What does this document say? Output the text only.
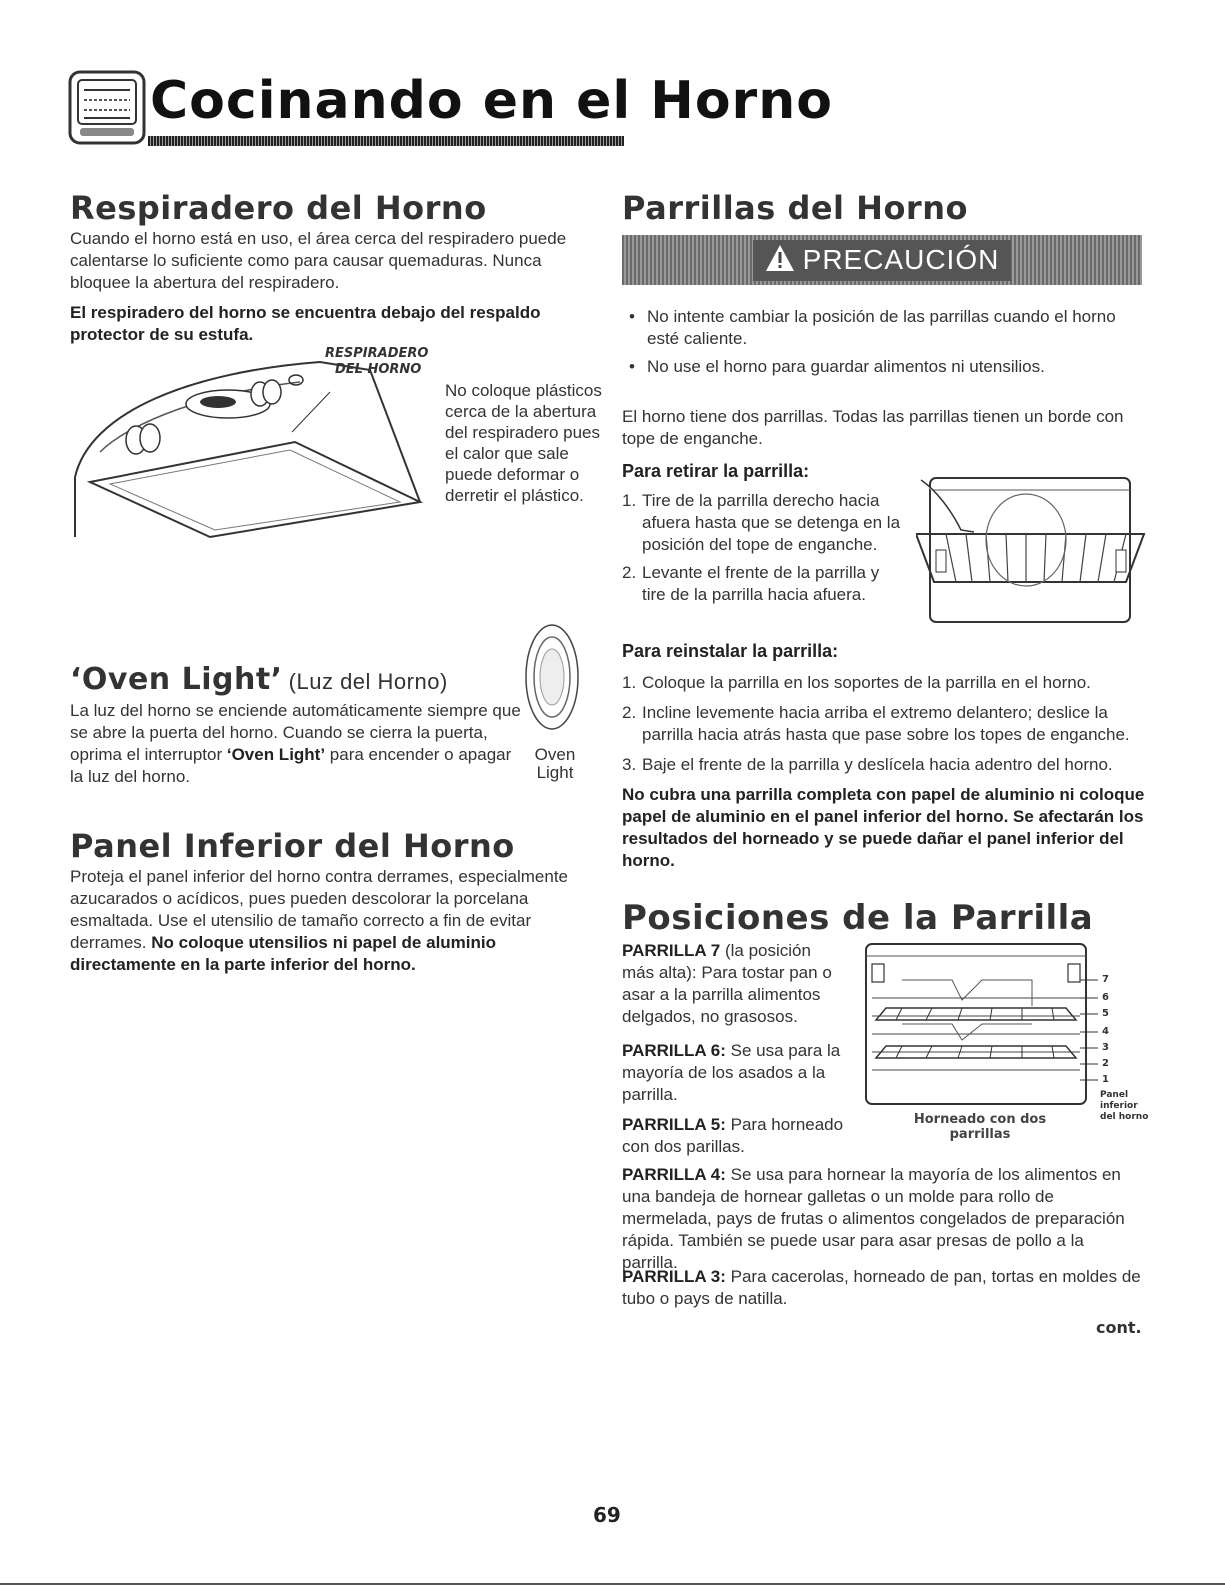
Cocinando en el Horno
Respiradero del Horno
Cuando el horno está en uso, el área cerca del respiradero puede calentarse lo suficiente como para causar quemaduras. Nunca bloquee la abertura del respiradero.
El respiradero del horno se encuentra debajo del respaldo protector de su estufa.
RESPIRADERO
DEL HORNO
No coloque plásticos cerca de la abertura del respiradero pues el calor que sale puede deformar o derretir el plástico.
‘Oven Light’ (Luz del Horno)
La luz del horno se enciende automáticamente siempre que se abre la puerta del horno. Cuando se cierra la puerta, oprima el interruptor ‘Oven Light’ para encender o apagar la luz del horno.
Oven
Light
Panel Inferior del Horno
Proteja el panel inferior del horno contra derrames, especialmente azucarados o acídicos, pues pueden descolorar la porcelana esmaltada. Use el utensilio de tamaño correcto a fin de evitar derrames. No coloque utensilios ni papel de aluminio directamente en la parte inferior del horno.
Parrillas del Horno
PRECAUCIÓN
• No intente cambiar la posición de las parrillas cuando el horno esté caliente.
• No use el horno para guardar alimentos ni utensilios.
El horno tiene dos parrillas. Todas las parrillas tienen un borde con tope de enganche.
Para retirar la parrilla:
1. Tire de la parrilla derecho hacia afuera hasta que se detenga en la posición del tope de enganche.
2. Levante el frente de la parrilla y tire de la parrilla hacia afuera.
Para reinstalar la parrilla:
1. Coloque la parrilla en los soportes de la parrilla en el horno.
2. Incline levemente hacia arriba el extremo delantero; deslice la parrilla hacia atrás hasta que pase sobre los topes de enganche.
3. Baje el frente de la parrilla y deslícela hacia adentro del horno.
No cubra una parrilla completa con papel de aluminio ni coloque papel de aluminio en el panel inferior del horno. Se afectarán los resultados del horneado y se puede dañar el panel inferior del horno.
Posiciones de la Parrilla
PARRILLA 7 (la posición más alta): Para tostar pan o asar a la parrilla alimentos delgados, no grasosos.
PARRILLA 6: Se usa para la mayoría de los asados a la parrilla.
PARRILLA 5: Para horneado con dos parillas.
7
6
5
4
3
2
1
Panel
inferior
del horno
Horneado con dos
parrillas
PARRILLA 4: Se usa para hornear la mayoría de los alimentos en una bandeja de hornear galletas o un molde para rollo de mermelada, pays de frutas o alimentos congelados de preparación rápida. También se puede usar para asar presas de pollo a la parrilla.
PARRILLA 3: Para cacerolas, horneado de pan, tortas en moldes de tubo o pays de natilla.
cont.
69
